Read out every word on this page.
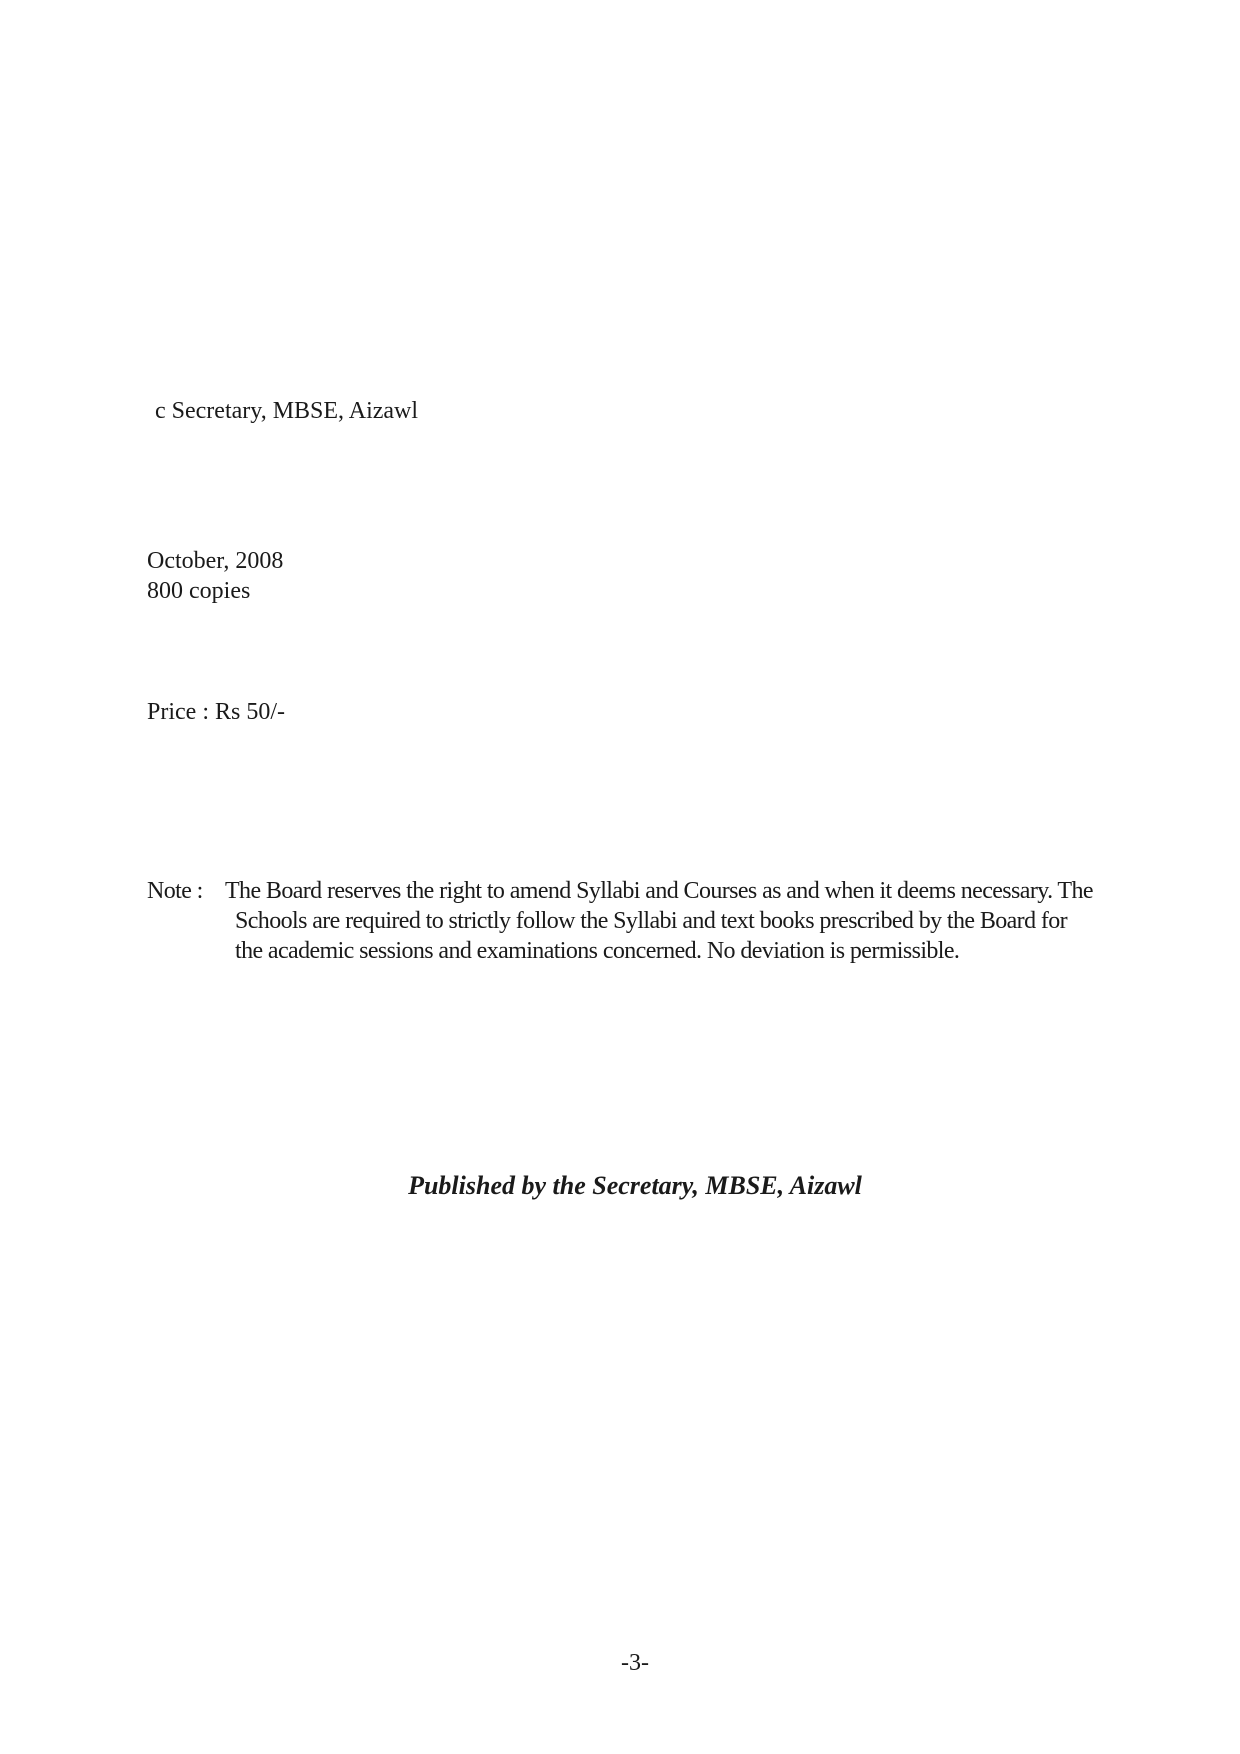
c Secretary, MBSE, Aizawl
October, 2008
800 copies
Price : Rs 50/-
Note : The Board reserves the right to amend Syllabi and Courses as and when it deems necessary. The
Schools are required to strictly follow the Syllabi and text books prescribed by the Board for
the academic sessions and examinations concerned. No deviation is permissible.
Published by the Secretary, MBSE, Aizawl
-3-
